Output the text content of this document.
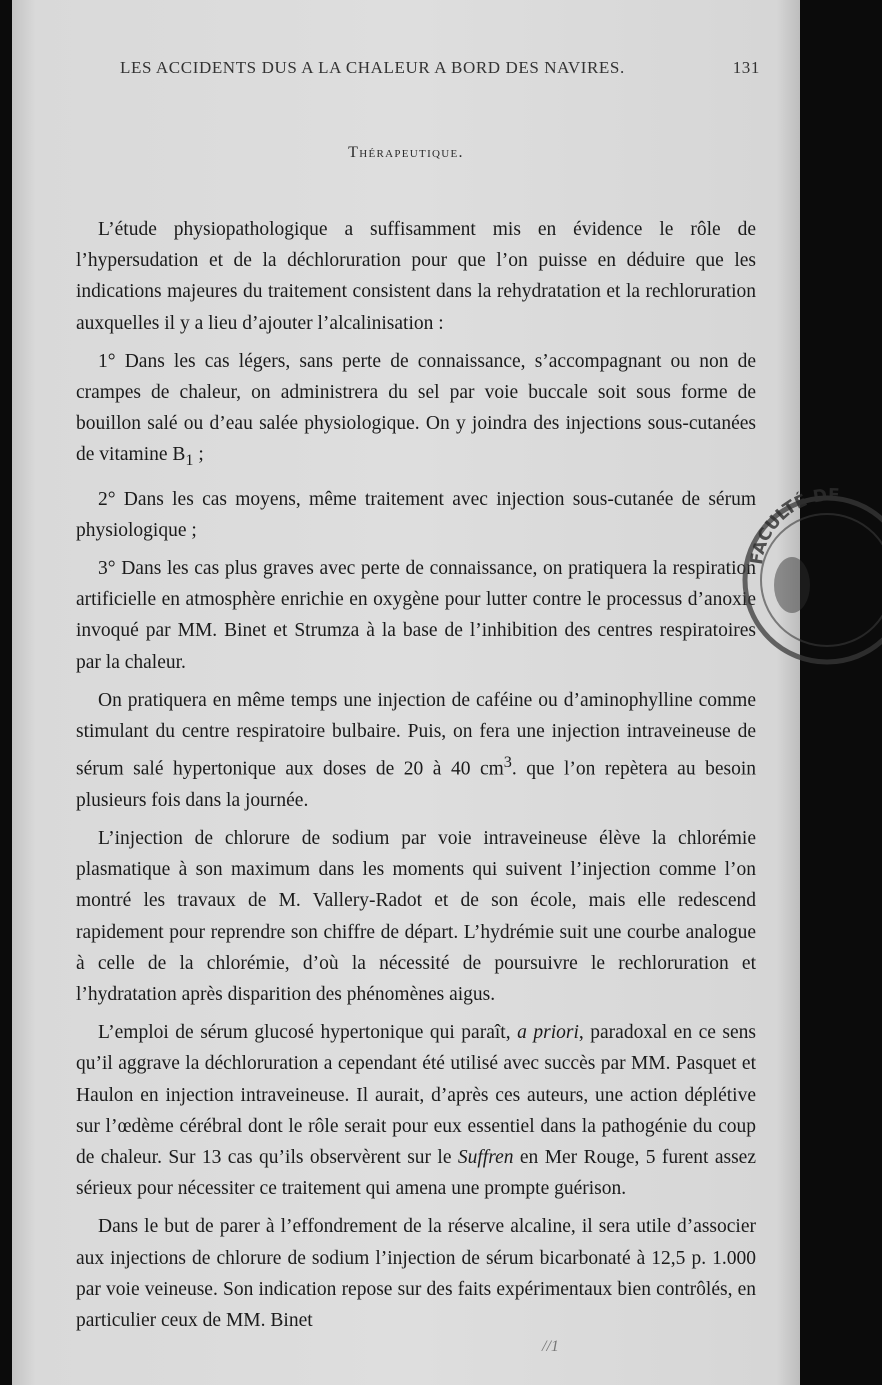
LES ACCIDENTS DUS A LA CHALEUR A BORD DES NAVIRES.	131
Thérapeutique.

L’étude physiopathologique a suffisamment mis en évidence le rôle de l’hypersudation et de la déchloruration pour que l’on puisse en déduire que les indications majeures du traitement consistent dans la rehydratation et la rechloruration auxquelles il y a lieu d’ajouter l’alcalinisation :

1° Dans les cas légers, sans perte de connaissance, s’accompagnant ou non de crampes de chaleur, on administrera du sel par voie buccale soit sous forme de bouillon salé ou d’eau salée physiologique. On y joindra des injections sous-cutanées de vitamine $B_1$ ;

2° Dans les cas moyens, même traitement avec injection sous-cutanée de sérum physiologique ;

3° Dans les cas plus graves avec perte de connaissance, on pratiquera la respiration artificielle en atmosphère enrichie en oxygène pour lutter contre le processus d’anoxie invoqué par MM. Binet et Strumza à la base de l’inhibition des centres respiratoires par la chaleur.

On pratiquera en même temps une injection de caféine ou d’aminophylline comme stimulant du centre respiratoire bulbaire. Puis, on fera une injection intraveineuse de sérum salé hypertonique aux doses de 20 à 40 $cm^3$. que l’on repètera au besoin plusieurs fois dans la journée.

L’injection de chlorure de sodium par voie intraveineuse élève la chlorémie plasmatique à son maximum dans les moments qui suivent l’injection comme l’on montré les travaux de M. Vallery-Radot et de son école, mais elle redescend rapidement pour reprendre son chiffre de départ. L’hydrémie suit une courbe analogue à celle de la chlorémie, d’où la nécessité de poursuivre le rechloruration et l’hydratation après disparition des phénomènes aigus.

L’emploi de sérum glucosé hypertonique qui paraît, a priori, paradoxal en ce sens qu’il aggrave la déchloruration a cependant été utilisé avec succès par MM. Pasquet et Haulon en injection intraveineuse. Il aurait, d’après ces auteurs, une action déplétive sur l’œdème cérébral dont le rôle serait pour eux essentiel dans la pathogénie du coup de chaleur. Sur 13 cas qu’ils observèrent sur le Suffren en Mer Rouge, 5 furent assez sérieux pour nécessiter ce traitement qui amena une prompte guérison.

Dans le but de parer à l’effondrement de la réserve alcaline, il sera utile d’associer aux injections de chlorure de sodium l’injection de sérum bicarbonaté à 12,5 p. 1.000 par voie veineuse. Son indication repose sur des faits expérimentaux bien contrôlés, en particulier ceux de MM. Binet

FACULTÉ DE
//1
